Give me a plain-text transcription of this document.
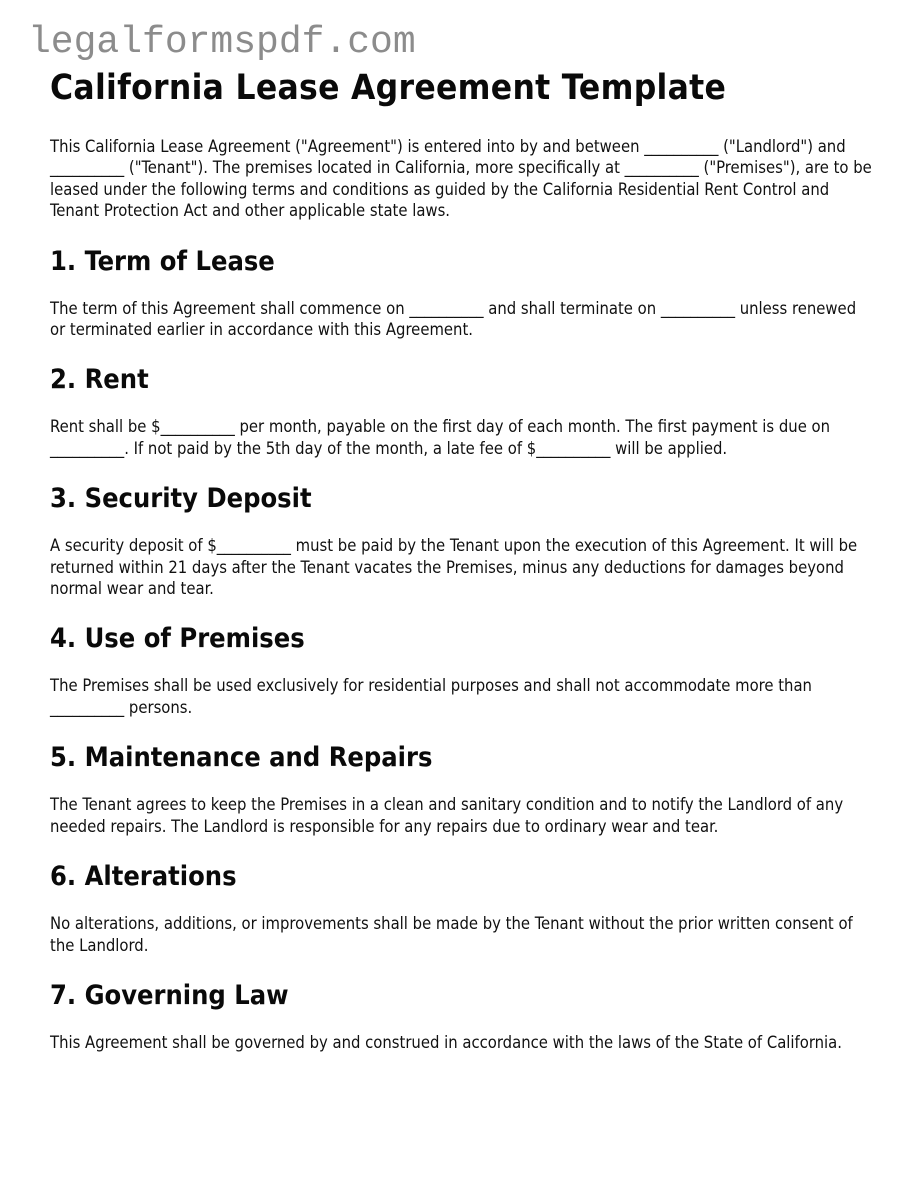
legalformspdf.com
California Lease Agreement Template

This California Lease Agreement ("Agreement") is entered into by and between __________ ("Landlord") and __________ ("Tenant"). The premises located in California, more specifically at __________ ("Premises"), are to be leased under the following terms and conditions as guided by the California Residential Rent Control and Tenant Protection Act and other applicable state laws.

1. Term of Lease

The term of this Agreement shall commence on __________ and shall terminate on __________ unless renewed or terminated earlier in accordance with this Agreement.

2. Rent

Rent shall be $__________ per month, payable on the first day of each month. The first payment is due on __________. If not paid by the 5th day of the month, a late fee of $__________ will be applied.

3. Security Deposit

A security deposit of $__________ must be paid by the Tenant upon the execution of this Agreement. It will be returned within 21 days after the Tenant vacates the Premises, minus any deductions for damages beyond normal wear and tear.

4. Use of Premises

The Premises shall be used exclusively for residential purposes and shall not accommodate more than __________ persons.

5. Maintenance and Repairs

The Tenant agrees to keep the Premises in a clean and sanitary condition and to notify the Landlord of any needed repairs. The Landlord is responsible for any repairs due to ordinary wear and tear.

6. Alterations

No alterations, additions, or improvements shall be made by the Tenant without the prior written consent of the Landlord.

7. Governing Law

This Agreement shall be governed by and construed in accordance with the laws of the State of California.
